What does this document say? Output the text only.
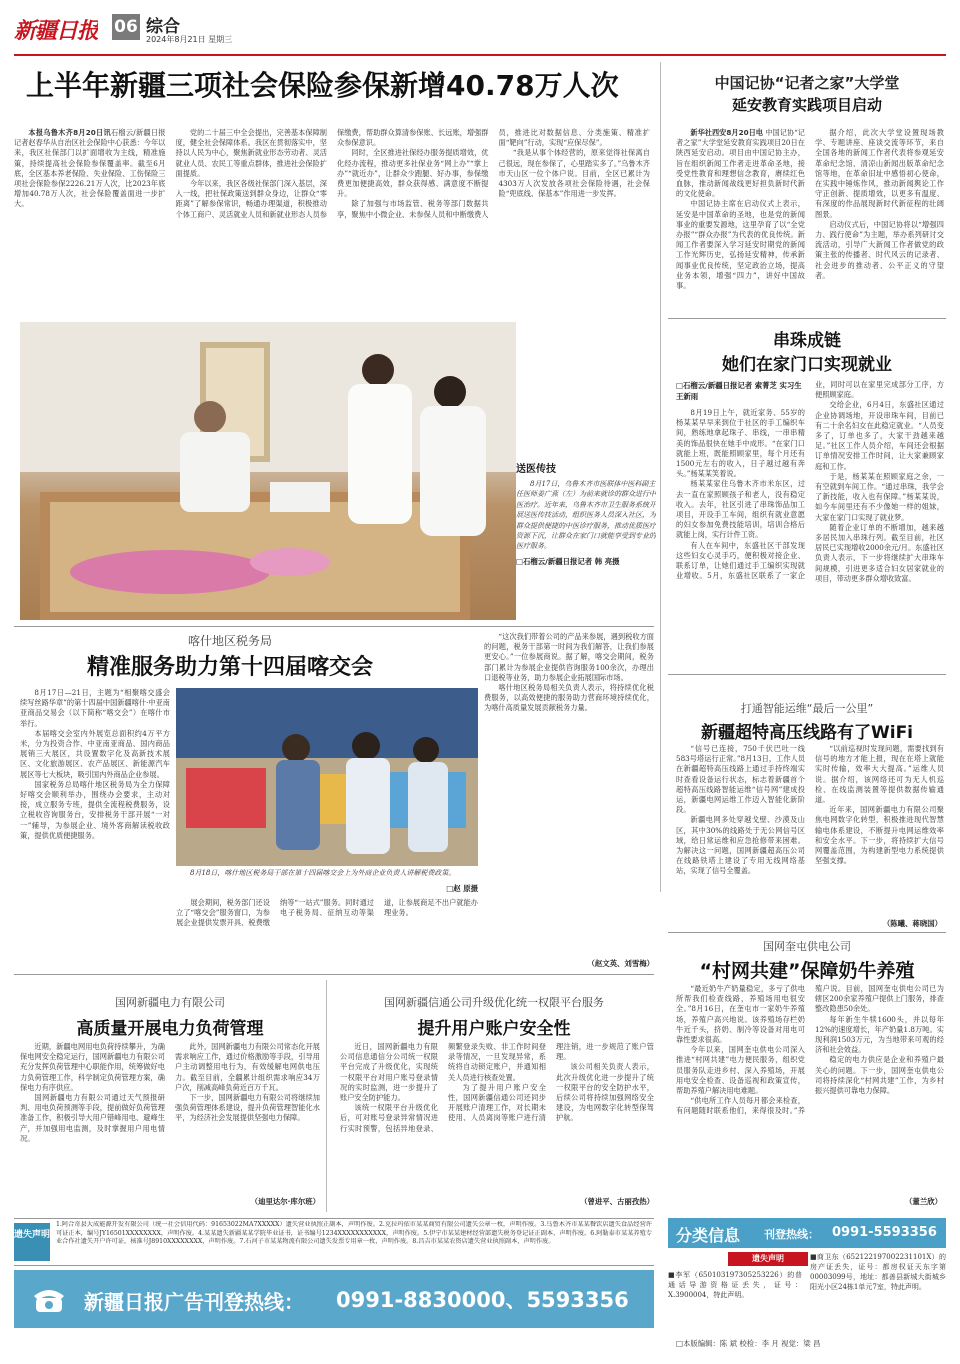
新疆日报 06 综合
2024年8月21日 星期三
上半年新疆三项社会保险参保新增40.78万人次

本报乌鲁木齐8月20日讯石榴云/新疆日报记者赵春华从自治区社会保险中心获悉：今年以来，我区社保部门以扩面增收为主线，精准施策，持续提高社会保险参保覆盖率。截至6月底，全区基本养老保险、失业保险、工伤保险三项社会保险参保2226.21万人次，比2023年底增加40.78万人次，社会保险覆盖面进一步扩大。

党的二十届三中全会提出，完善基本保障制度，健全社会保障体系。我区在贯彻落实中，坚持以人民为中心，聚焦新就业形态劳动者、灵活就业人员、农民工等重点群体，推进社会保险扩面提质。

今年以来，我区各级社保部门深入基层，深入一线，把社保政策送到群众身边，让群众“零距离”了解参保常识，畅通办理渠道，积极推动个体工商户、灵活就业人员和新就业形态人员参保缴费，帮助群众算清参保账、长远账，增强群众参保意识。

同时，全区推进社保经办服务提质增效，优化经办流程，推动更多社保业务“网上办”“掌上办”“就近办”，让群众少跑腿、好办事，参保缴费更加便捷高效，群众获得感、满意度不断提升。

除了加强与市场监管、税务等部门数据共享，聚焦中小微企业、未参保人员和中断缴费人员，推进比对数据信息、分类施策、精准扩面“靶向”行动，实现“应保尽保”。

“我是从事个体经营的，原来觉得社保离自己很远，现在参保了，心里踏实多了。”乌鲁木齐市天山区一位个体户说。目前，全区已累计为4303万人次发放各项社会保险待遇，社会保险“兜底线、保基本”作用进一步发挥。

中国记协“记者之家”大学堂
延安教育实践项目启动

新华社西安8月20日电 中国记协“记者之家”大学堂延安教育实践项目20日在陕西延安启动。项目由中国记协主办，旨在组织新闻工作者走进革命圣地，接受党性教育和理想信念教育，赓续红色血脉，推动新闻战线更好担负新时代新的文化使命。

中国记协主席在启动仪式上表示，延安是中国革命的圣地，也是党的新闻事业的重要发源地，这里孕育了以“全党办报”“群众办报”为代表的优良传统。新闻工作者要深入学习延安时期党的新闻工作光辉历史，弘扬延安精神，传承新闻事业优良传统，坚定政治立场，提高业务本领，增强“四力”，讲好中国故事。

据介绍，此次大学堂设置现场教学、专题讲座、座谈交流等环节，来自全国各地的新闻工作者代表将参观延安革命纪念馆、清凉山新闻出版革命纪念馆等地，在革命旧址中感悟初心使命，在实践中锤炼作风，推动新闻舆论工作守正创新、提质增效，以更多有温度、有深度的作品展现新时代新征程的壮阔图景。

启动仪式后，中国记协将以“增强四力、践行使命”为主题，举办系列研讨交流活动，引导广大新闻工作者做党的政策主张的传播者、时代风云的记录者、社会进步的推动者、公平正义的守望者。

送医传技
8月17日，乌鲁木齐市医联体中医科副主任医师姜广燕（左）为前来就诊的群众进行中医治疗。近年来，乌鲁木齐市卫生服务系统开展送医传技活动，组织医务人员深入社区，为群众提供便捷的中医诊疗服务，推动优质医疗资源下沉，让群众在家门口就能享受到专业的医疗服务。
□石榴云/新疆日报记者 韩 亮摄
串珠成链
她们在家门口实现就业
□石榴云/新疆日报记者 索菁芝 实习生 王新雨

8月19日上午，就近家务、55岁的杨某某早早来到位于社区的手工编织车间，熟练地拿起珠子、串线，一串串精美的饰品很快在她手中成形。“在家门口就能上班，既能照顾家里，每个月还有1500元左右的收入，日子越过越有奔头。”杨某某笑着说。

杨某某家住乌鲁木齐市米东区，过去一直在家照顾孩子和老人，没有稳定收入。去年，社区引进了串珠饰品加工项目，开设手工车间，组织有就业意愿的妇女参加免费技能培训，培训合格后就能上岗，实行计件工资。

有人在车间中，东盛社区干部发现这些妇女心灵手巧，便积极对接企业、联系订单，让她们通过手工编织实现就业增收。5月，东盛社区联系了一家企业，同时可以在家里完成部分工序，方便照顾家庭。

交给企业，6月4日，东盛社区通过企业协调场地，开设串珠车间，目前已有二十余名妇女在此稳定就业。“人员变多了，订单也多了，大家干劲越来越足。”社区工作人员介绍，车间还会根据订单情况安排工作时间，让大家兼顾家庭和工作。

于是，杨某某在照顾家庭之余，一有空就到车间工作。“通过串珠，我学会了新技能，收入也有保障。”杨某某说，如今车间里还有不少像她一样的姐妹，大家在家门口实现了就业梦。

随着企业订单的不断增加，越来越多居民加入串珠行列。截至目前，社区居民已实现增收2000余元/月。东盛社区负责人表示，下一步将继续扩大串珠车间规模，引进更多适合妇女居家就业的项目，带动更多群众增收致富。

喀什地区税务局
精准服务助力第十四届喀交会

8月17日—21日，主题为“相聚喀交盛会 续写丝路华章”的第十四届中国新疆喀什·中亚南亚商品交易会（以下简称“喀交会”）在喀什市举行。

本届喀交会室内外展览总面积约4万平方米，分为投资合作、中亚南亚商品、国内商品展销三大展区，共设置数字化及高新技术展区、文化旅游展区、农产品展区、新能源汽车展区等七大板块，吸引国内外商品企业参展。

国家税务总局喀什地区税务局为全力保障好喀交会顺利举办，围绕办会要求，主动对接，成立服务专班，提供全流程税费服务，设立税收咨询服务台，安排税务干部开展“一对一”辅导，为参展企业、境外客商解读税收政策，提供优质便捷服务。

8月18日，喀什地区税务局干部在第十四届喀交会上为外商企业负责人讲解税费政策。
□赵 原摄

展会期间，税务部门还设立了“喀交会”服务窗口，为参展企业提供发票开具、税费缴纳等“一站式”服务。同时通过电子税务局、征纳互动等渠道，让参展商足不出户就能办理业务。

“这次我们带着公司的产品来参展，遇到税收方面的问题，税务干部第一时间为我们解答，让我们参展更安心。”一位参展商说。据了解，喀交会期间，税务部门累计为参展企业提供咨询服务100余次，办理出口退税等业务，助力参展企业拓展国际市场。

喀什地区税务局相关负责人表示，将持续优化税费服务，以高效便捷的服务助力营商环境持续优化，为喀什高质量发展贡献税务力量。

（赵文英、刘雪梅）
打通智能运维“最后一公里”
新疆超特高压线路有了WiFi

“信号已连接，750千伏巴吐一线583号塔运行正常。”8月13日，工作人员在新疆超特高压线路上通过手持终端实时查看设备运行状态，标志着新疆首个超特高压线路智能运维“信号网”建成投运，新疆电网运维工作迈入智能化新阶段。

新疆电网多处穿越戈壁、沙漠及山区，其中30%的线路处于无公网信号区域，给日常运维和应急抢修带来困难。为解决这一问题，国网新疆超高压公司在线路铁塔上建设了专用无线网络基站，实现了信号全覆盖。

“以前巡视时发现问题，需要找到有信号的地方才能上报，现在在塔上就能实时传输，效率大大提高。”运维人员说。据介绍，该网络还可为无人机巡检、在线监测装置等提供数据传输通道。

近年来，国网新疆电力有限公司聚焦电网数字化转型，积极推进现代智慧输电体系建设，不断提升电网运维效率和安全水平。下一步，将持续扩大信号网覆盖范围，为构建新型电力系统提供坚强支撑。

（陈曦、蒋晓国）
国网新疆电力有限公司
高质量开展电力负荷管理

近期，新疆电网用电负荷持续攀升，为确保电网安全稳定运行，国网新疆电力有限公司充分发挥负荷管理中心职能作用，统筹做好电力负荷管理工作，科学制定负荷管理方案，确保电力有序供应。

国网新疆电力有限公司通过天气预报研判、用电负荷预测等手段，提前做好负荷管理准备工作，积极引导大用户错峰用电、避峰生产，并加强用电监测，及时掌握用户用电情况。

此外，国网新疆电力有限公司常态化开展需求响应工作，通过价格激励等手段，引导用户主动调整用电行为，有效缓解电网供电压力。截至目前，全疆累计组织需求响应34万户次，削减高峰负荷近百万千瓦。

下一步，国网新疆电力有限公司将继续加强负荷管理体系建设，提升负荷管理智能化水平，为经济社会发展提供坚强电力保障。

（迪里达尔·库尔班）
国网新疆信通公司升级优化统一权限平台服务
提升用户账户安全性

近日，国网新疆电力有限公司信息通信分公司统一权限平台完成了升级优化，实现统一权限平台对用户账号登录情况的实时监测，进一步提升了账户安全防护能力。

该统一权限平台升级优化后，可对账号登录异常情况进行实时预警，包括异地登录、频繁登录失败、非工作时间登录等情况，一旦发现异常，系统将自动锁定账户，并通知相关人员进行核查处置。

为了提升用户账户安全性，国网新疆信通公司还同步开展账户清理工作，对长期未使用、人员离岗等账户进行清理注销，进一步规范了账户管理。

该公司相关负责人表示，此次升级优化进一步提升了统一权限平台的安全防护水平，后续公司将持续加强网络安全建设，为电网数字化转型保驾护航。

（曾进平、古丽孜热）
国网奎屯供电公司
“村网共建”保障奶牛养殖

“最近奶牛产奶量稳定，多亏了供电所帮我们检查线路，养殖场用电很安全。”8月16日，在奎屯市一家奶牛养殖场，养殖户高兴地说。该养殖场存栏奶牛近千头，挤奶、制冷等设备对用电可靠性要求很高。

今年以来，国网奎屯供电公司深入推进“村网共建”电力便民服务，组织党员服务队走进乡村、深入养殖场，开展用电安全检查、设备巡视和政策宣传，帮助养殖户解决用电难题。

“供电所工作人员每月都会来检查，有问题随时联系他们，来得很及时。”养殖户说。目前，国网奎屯供电公司已为辖区200余家养殖户提供上门服务，排查整改隐患50余处。

每年新生牛犊1600头，并以每年12%的速度增长，年产奶量1.8万吨。实现利润1503万元，为当地带来可观的经济和社会效益。

稳定的电力供应是企业和养殖户最关心的问题。下一步，国网奎屯供电公司将持续深化“村网共建”工作，为乡村振兴提供可靠电力保障。

（董兰欣）
遗失声明
1.阿合奇县大成能源开发有限公司（统一社会信用代码：91653022MA7XXXXX）遗失营业执照正副本，声明作废。2.克拉玛依市某某商贸有限公司遗失公章一枚，声明作废。3.乌鲁木齐市某某餐饮店遗失食品经营许可证正本，编号JY16501XXXXXXXX，声明作废。4.某某遗失新疆某某学院毕业证书，证书编号1234XXXXXXXXXXX，声明作废。5.伊宁市某某建材经营部遗失税务登记证正副本，声明作废。6.阿勒泰市某某养殖专业合作社遗失开户许可证，核准号J8910XXXXXXXX，声明作废。7.石河子市某某物流有限公司遗失发票专用章一枚，声明作废。8.昌吉市某某农资店遗失营业执照副本，声明作废。	分类信息 刊登热线： 0991-5593356
遗失声明
■李军（650103197305253226）的普通话导游资格证丢失，证号：X.3900004，特此声明。
■商卫东（652122197002231101X）的房产证丢失，证号：都房权证天东字第00003099号，地址：都善县新城大街城乡阳光小区24栋1单元7室，特此声明。
新疆日报广告刊登热线： 0991-8830000、5593356
□本版编辑：陈 斌 校检：李 月 视觉：梁 昌
